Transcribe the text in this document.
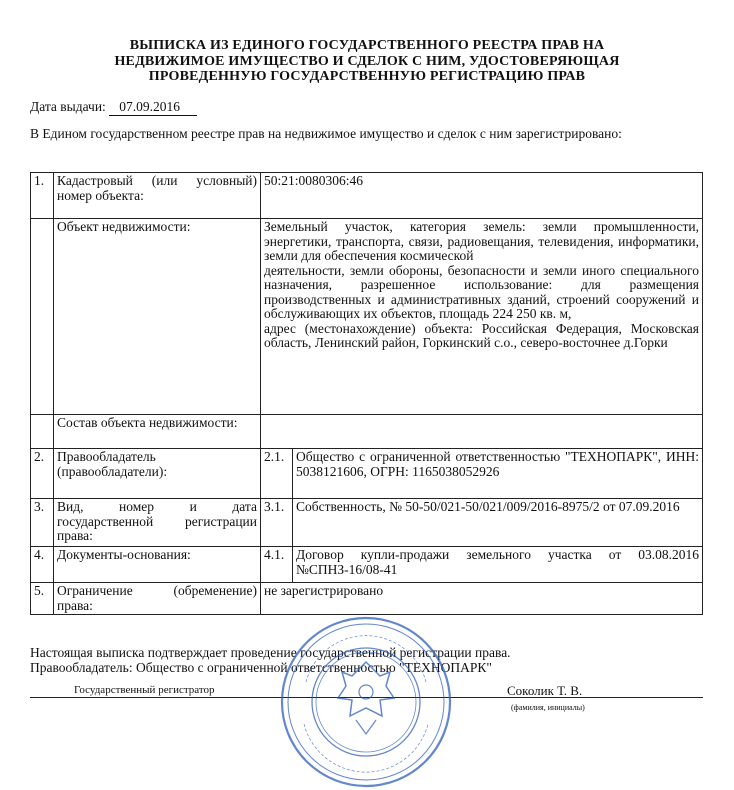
ВЫПИСКА ИЗ ЕДИНОГО ГОСУДАРСТВЕННОГО РЕЕСТРА ПРАВ НА
НЕДВИЖИМОЕ ИМУЩЕСТВО И СДЕЛОК С НИМ, УДОСТОВЕРЯЮЩАЯ
ПРОВЕДЕННУЮ ГОСУДАРСТВЕННУЮ РЕГИСТРАЦИЮ ПРАВ
Дата выдачи: 07.09.2016
В Едином государственном реестре прав на недвижимое имущество и сделок с ним зарегистрировано:
1.	Кадастровый (или условный) номер объекта:	50:21:0080306:46	
	Объект недвижимости:	Земельный участок, категория земель: земли промышленности, энергетики, транспорта, связи, радиовещания, телевидения, информатики, земли для обеспечения космической
деятельности, земли обороны, безопасности и земли иного специального назначения, разрешенное использование: для размещения производственных и административных зданий, строений сооружений и обслуживающих их объектов, площадь 224 250 кв. м,
адрес (местонахождение) объекта: Российская Федерация, Московская область, Ленинский район, Горкинский с.о., северо-восточнее д.Горки	

	Состав объекта недвижимости:		
2.	Правообладатель (правообладатели):	2.1.	Общество с ограниченной ответственностью "ТЕХНОПАРК", ИНН: 5038121606, ОГРН: 1165038052926
3.	Вид, номер и дата государственной регистрации права:	3.1.	Собственность, № 50-50/021-50/021/009/2016-8975/2 от 07.09.2016
4.	Документы-основания:	4.1.	Договор купли-продажи земельного участка от 03.08.2016 №СПНЗ-16/08-41
5.	Ограничение (обременение) права:	не зарегистрировано	

Настоящая выписка подтверждает проведение государственной регистрации права.

Правообладатель: Общество с ограниченной ответственностью "ТЕХНОПАРК"

Государственный регистратор	Соколик Т. В.
(фамилия, инициалы)
